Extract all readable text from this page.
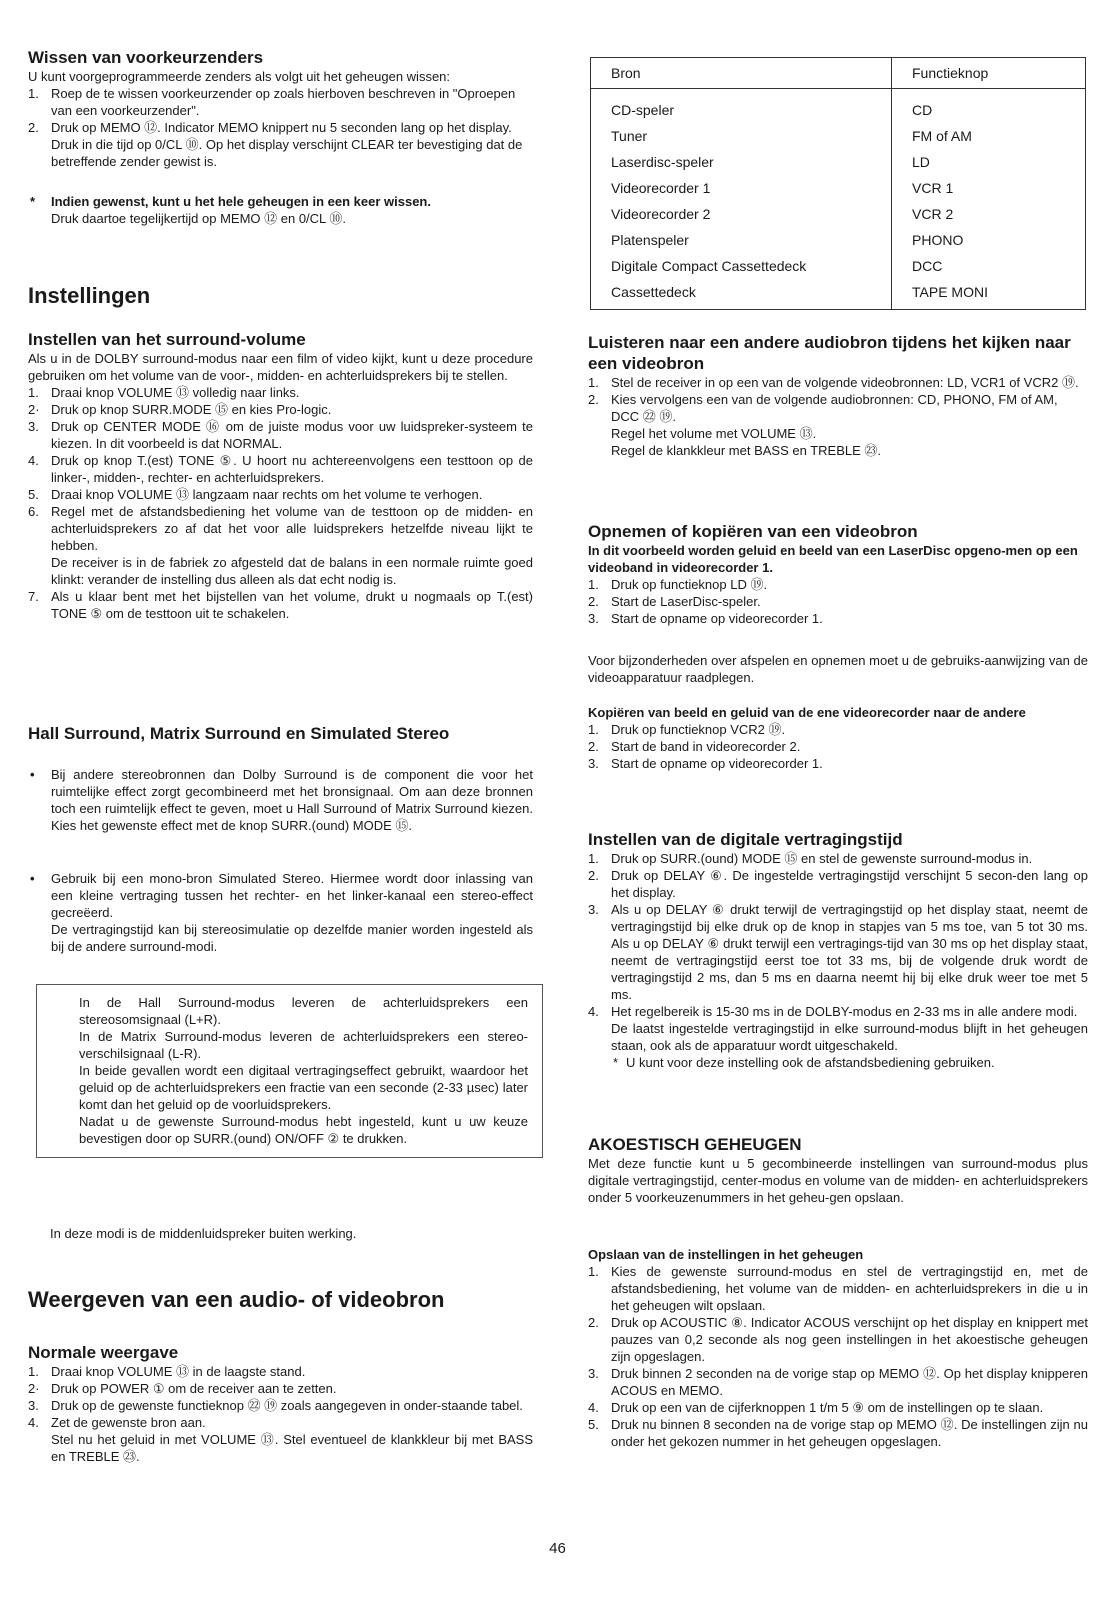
Wissen van voorkeurzenders

U kunt voorgeprogrammeerde zenders als volgt uit het geheugen wissen:

1. Roep de te wissen voorkeurzender op zoals hierboven beschreven in "Oproepen van een voorkeurzender".
2. Druk op MEMO ⑫. Indicator MEMO knippert nu 5 seconden lang op het display. Druk in die tijd op 0/CL ⑩. Op het display verschijnt CLEAR ter bevestiging dat de betreffende zender gewist is.
* Indien gewenst, kunt u het hele geheugen in een keer wissen.

Druk daartoe tegelijkertijd op MEMO ⑫ en 0/CL ⑩.

Instellingen
Instellen van het surround-volume

Als u in de DOLBY surround-modus naar een film of video kijkt, kunt u deze procedure gebruiken om het volume van de voor-, midden- en achterluidsprekers bij te stellen.

1. Draai knop VOLUME ⑬ volledig naar links.
2· Druk op knop SURR.MODE ⑮ en kies Pro-logic.
3. Druk op CENTER MODE ⑯ om de juiste modus voor uw luidspreker-systeem te kiezen. In dit voorbeeld is dat NORMAL.
4. Druk op knop T.(est) TONE ⑤. U hoort nu achtereenvolgens een testtoon op de linker-, midden-, rechter- en achterluidsprekers.
5. Draai knop VOLUME ⑬ langzaam naar rechts om het volume te verhogen.
6. Regel met de afstandsbediening het volume van de testtoon op de midden- en achterluidsprekers zo af dat het voor alle luidsprekers hetzelfde niveau lijkt te hebben.
De receiver is in de fabriek zo afgesteld dat de balans in een normale ruimte goed klinkt: verander de instelling dus alleen als dat echt nodig is.
7. Als u klaar bent met het bijstellen van het volume, drukt u nogmaals op T.(est) TONE ⑤ om de testtoon uit te schakelen.
Hall Surround, Matrix Surround en Simulated Stereo
• Bij andere stereobronnen dan Dolby Surround is de component die voor het ruimtelijke effect zorgt gecombineerd met het bronsignaal. Om aan deze bronnen toch een ruimtelijk effect te geven, moet u Hall Surround of Matrix Surround kiezen. Kies het gewenste effect met de knop SURR.(ound) MODE ⑮.
• Gebruik bij een mono-bron Simulated Stereo. Hiermee wordt door inlassing van een kleine vertraging tussen het rechter- en het linker-kanaal een stereo-effect gecreëerd.
De vertragingstijd kan bij stereosimulatie op dezelfde manier worden ingesteld als bij de andere surround-modi.

In de Hall Surround-modus leveren de achterluidsprekers een stereosomsignaal (L+R).

In de Matrix Surround-modus leveren de achterluidsprekers een stereo-verschilsignaal (L-R).

In beide gevallen wordt een digitaal vertragingseffect gebruikt, waardoor het geluid op de achterluidsprekers een fractie van een seconde (2-33 µsec) later komt dan het geluid op de voorluidsprekers.

Nadat u de gewenste Surround-modus hebt ingesteld, kunt u uw keuze bevestigen door op SURR.(ound) ON/OFF ② te drukken.

In deze modi is de middenluidspreker buiten werking.

Weergeven van een audio- of videobron
Normale weergave
1. Draai knop VOLUME ⑬ in de laagste stand.
2· Druk op POWER ① om de receiver aan te zetten.
3. Druk op de gewenste functieknop ㉒ ⑲ zoals aangegeven in onder-staande tabel.
4. Zet de gewenste bron aan.
Stel nu het geluid in met VOLUME ⑬. Stel eventueel de klankkleur bij met BASS en TREBLE ㉓.
Bron	Functieknop
CD-speler	CD
Tuner	FM of AM
Laserdisc-speler	LD
Videorecorder 1	VCR 1
Videorecorder 2	VCR 2
Platenspeler	PHONO
Digitale Compact Cassettedeck	DCC
Cassettedeck	TAPE MONI
Luisteren naar een andere audiobron tijdens het kijken naar een videobron
1. Stel de receiver in op een van de volgende videobronnen: LD, VCR1 of VCR2 ⑲.
2. Kies vervolgens een van de volgende audiobronnen: CD, PHONO, FM of AM, DCC ㉒ ⑲.
Regel het volume met VOLUME ⑬.
Regel de klankkleur met BASS en TREBLE ㉓.
Opnemen of kopiëren van een videobron
In dit voorbeeld worden geluid en beeld van een LaserDisc opgeno-men op een videoband in videorecorder 1.
1. Druk op functieknop LD ⑲.
2. Start de LaserDisc-speler.
3. Start de opname op videorecorder 1.

Voor bijzonderheden over afspelen en opnemen moet u de gebruiks-aanwijzing van de videoapparatuur raadplegen.

Kopiëren van beeld en geluid van de ene videorecorder naar de andere
1. Druk op functieknop VCR2 ⑲.
2. Start de band in videorecorder 2.
3. Start de opname op videorecorder 1.
Instellen van de digitale vertragingstijd
1. Druk op SURR.(ound) MODE ⑮ en stel de gewenste surround-modus in.
2. Druk op DELAY ⑥. De ingestelde vertragingstijd verschijnt 5 secon-den lang op het display.
3. Als u op DELAY ⑥ drukt terwijl de vertragingstijd op het display staat, neemt de vertragingstijd bij elke druk op de knop in stapjes van 5 ms toe, van 5 tot 30 ms. Als u op DELAY ⑥ drukt terwijl een vertragings-tijd van 30 ms op het display staat, neemt de vertragingstijd eerst toe tot 33 ms, bij de volgende druk wordt de vertragingstijd 2 ms, dan 5 ms en daarna neemt hij bij elke druk weer toe met 5 ms.
4. Het regelbereik is 15-30 ms in de DOLBY-modus en 2-33 ms in alle andere modi.
De laatst ingestelde vertragingstijd in elke surround-modus blijft in het geheugen staan, ook als de apparatuur wordt uitgeschakeld.
* U kunt voor deze instelling ook de afstandsbediening gebruiken.
AKOESTISCH GEHEUGEN

Met deze functie kunt u 5 gecombineerde instellingen van surround-modus plus digitale vertragingstijd, center-modus en volume van de midden- en achterluidsprekers onder 5 voorkeuzenummers in het geheu-gen opslaan.

Opslaan van de instellingen in het geheugen
1. Kies de gewenste surround-modus en stel de vertragingstijd en, met de afstandsbediening, het volume van de midden- en achterluidsprekers in die u in het geheugen wilt opslaan.
2. Druk op ACOUSTIC ⑧. Indicator ACOUS verschijnt op het display en knippert met pauzes van 0,2 seconde als nog geen instellingen in het akoestische geheugen zijn opgeslagen.
3. Druk binnen 2 seconden na de vorige stap op MEMO ⑫. Op het display knipperen ACOUS en MEMO.
4. Druk op een van de cijferknoppen 1 t/m 5 ⑨ om de instellingen op te slaan.
5. Druk nu binnen 8 seconden na de vorige stap op MEMO ⑫. De instellingen zijn nu onder het gekozen nummer in het geheugen opgeslagen.
46
